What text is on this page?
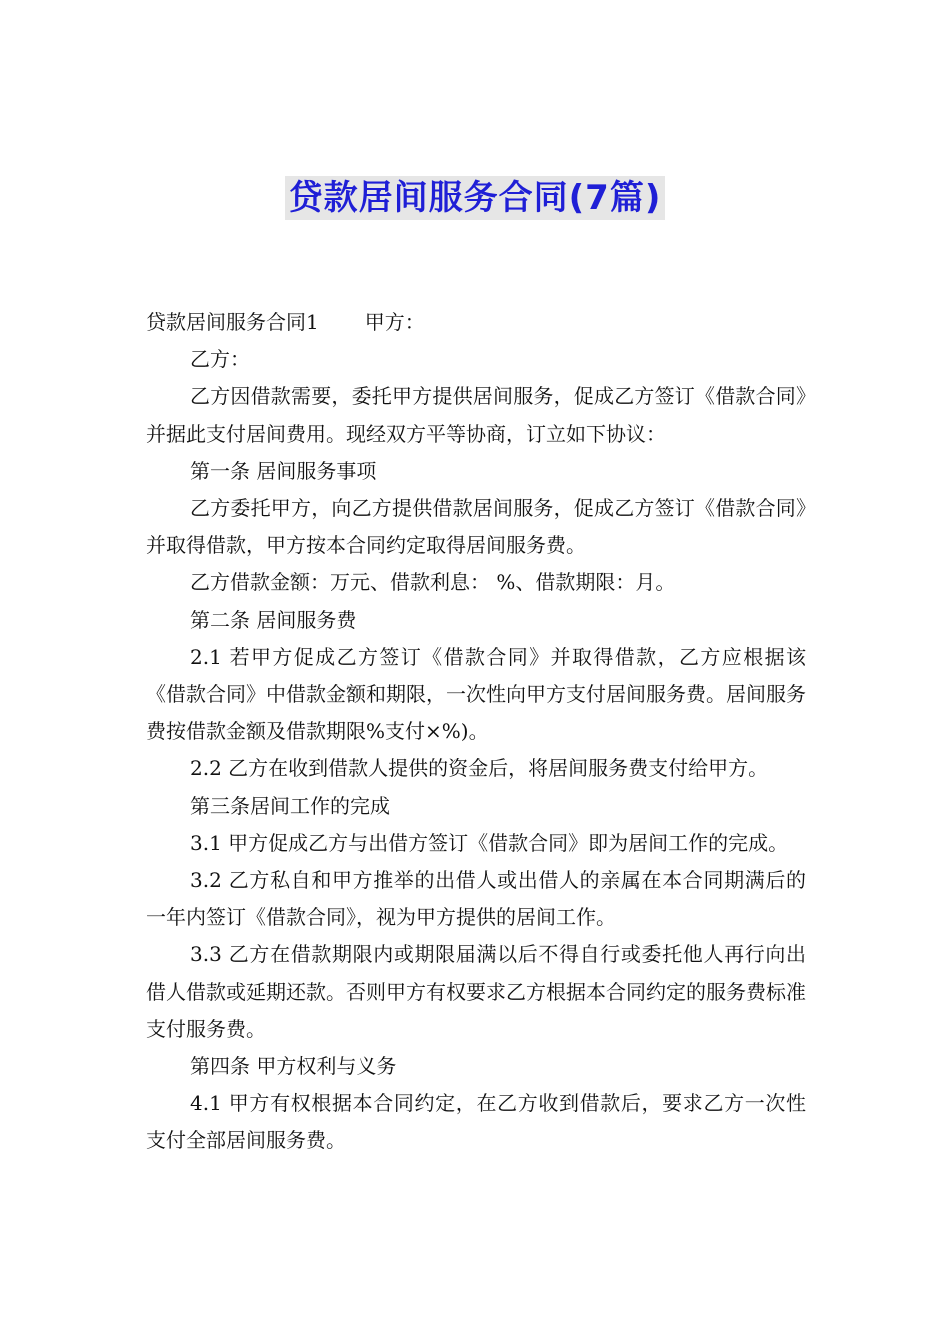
贷款居间服务合同(7篇)

贷款居间服务合同1 甲方：

乙方：

乙方因借款需要，委托甲方提供居间服务，促成乙方签订《借款合同》并据此支付居间费用。现经双方平等协商，订立如下协议：

第一条 居间服务事项

乙方委托甲方，向乙方提供借款居间服务，促成乙方签订《借款合同》并取得借款，甲方按本合同约定取得居间服务费。

乙方借款金额：万元、借款利息： %、借款期限：月。

第二条 居间服务费

2.1 若甲方促成乙方签订《借款合同》并取得借款，乙方应根据该《借款合同》中借款金额和期限，一次性向甲方支付居间服务费。居间服务费按借款金额及借款期限%支付×%)。

2.2 乙方在收到借款人提供的资金后，将居间服务费支付给甲方。

第三条居间工作的完成

3.1 甲方促成乙方与出借方签订《借款合同》即为居间工作的完成。

3.2 乙方私自和甲方推举的出借人或出借人的亲属在本合同期满后的一年内签订《借款合同》，视为甲方提供的居间工作。

3.3 乙方在借款期限内或期限届满以后不得自行或委托他人再行向出借人借款或延期还款。否则甲方有权要求乙方根据本合同约定的服务费标准支付服务费。

第四条 甲方权利与义务

4.1 甲方有权根据本合同约定，在乙方收到借款后，要求乙方一次性支付全部居间服务费。
